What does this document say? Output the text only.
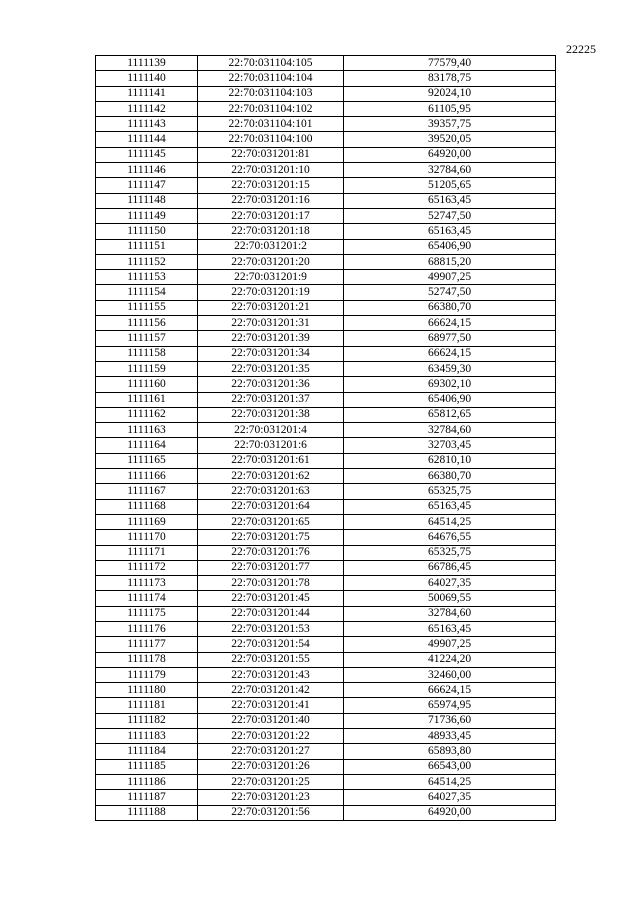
22225
1111139	22:70:031104:105	77579,40
1111140	22:70:031104:104	83178,75
1111141	22:70:031104:103	92024,10
1111142	22:70:031104:102	61105,95
1111143	22:70:031104:101	39357,75
1111144	22:70:031104:100	39520,05
1111145	22:70:031201:81	64920,00
1111146	22:70:031201:10	32784,60
1111147	22:70:031201:15	51205,65
1111148	22:70:031201:16	65163,45
1111149	22:70:031201:17	52747,50
1111150	22:70:031201:18	65163,45
1111151	22:70:031201:2	65406,90
1111152	22:70:031201:20	68815,20
1111153	22:70:031201:9	49907,25
1111154	22:70:031201:19	52747,50
1111155	22:70:031201:21	66380,70
1111156	22:70:031201:31	66624,15
1111157	22:70:031201:39	68977,50
1111158	22:70:031201:34	66624,15
1111159	22:70:031201:35	63459,30
1111160	22:70:031201:36	69302,10
1111161	22:70:031201:37	65406,90
1111162	22:70:031201:38	65812,65
1111163	22:70:031201:4	32784,60
1111164	22:70:031201:6	32703,45
1111165	22:70:031201:61	62810,10
1111166	22:70:031201:62	66380,70
1111167	22:70:031201:63	65325,75
1111168	22:70:031201:64	65163,45
1111169	22:70:031201:65	64514,25
1111170	22:70:031201:75	64676,55
1111171	22:70:031201:76	65325,75
1111172	22:70:031201:77	66786,45
1111173	22:70:031201:78	64027,35
1111174	22:70:031201:45	50069,55
1111175	22:70:031201:44	32784,60
1111176	22:70:031201:53	65163,45
1111177	22:70:031201:54	49907,25
1111178	22:70:031201:55	41224,20
1111179	22:70:031201:43	32460,00
1111180	22:70:031201:42	66624,15
1111181	22:70:031201:41	65974,95
1111182	22:70:031201:40	71736,60
1111183	22:70:031201:22	48933,45
1111184	22:70:031201:27	65893,80
1111185	22:70:031201:26	66543,00
1111186	22:70:031201:25	64514,25
1111187	22:70:031201:23	64027,35
1111188	22:70:031201:56	64920,00
